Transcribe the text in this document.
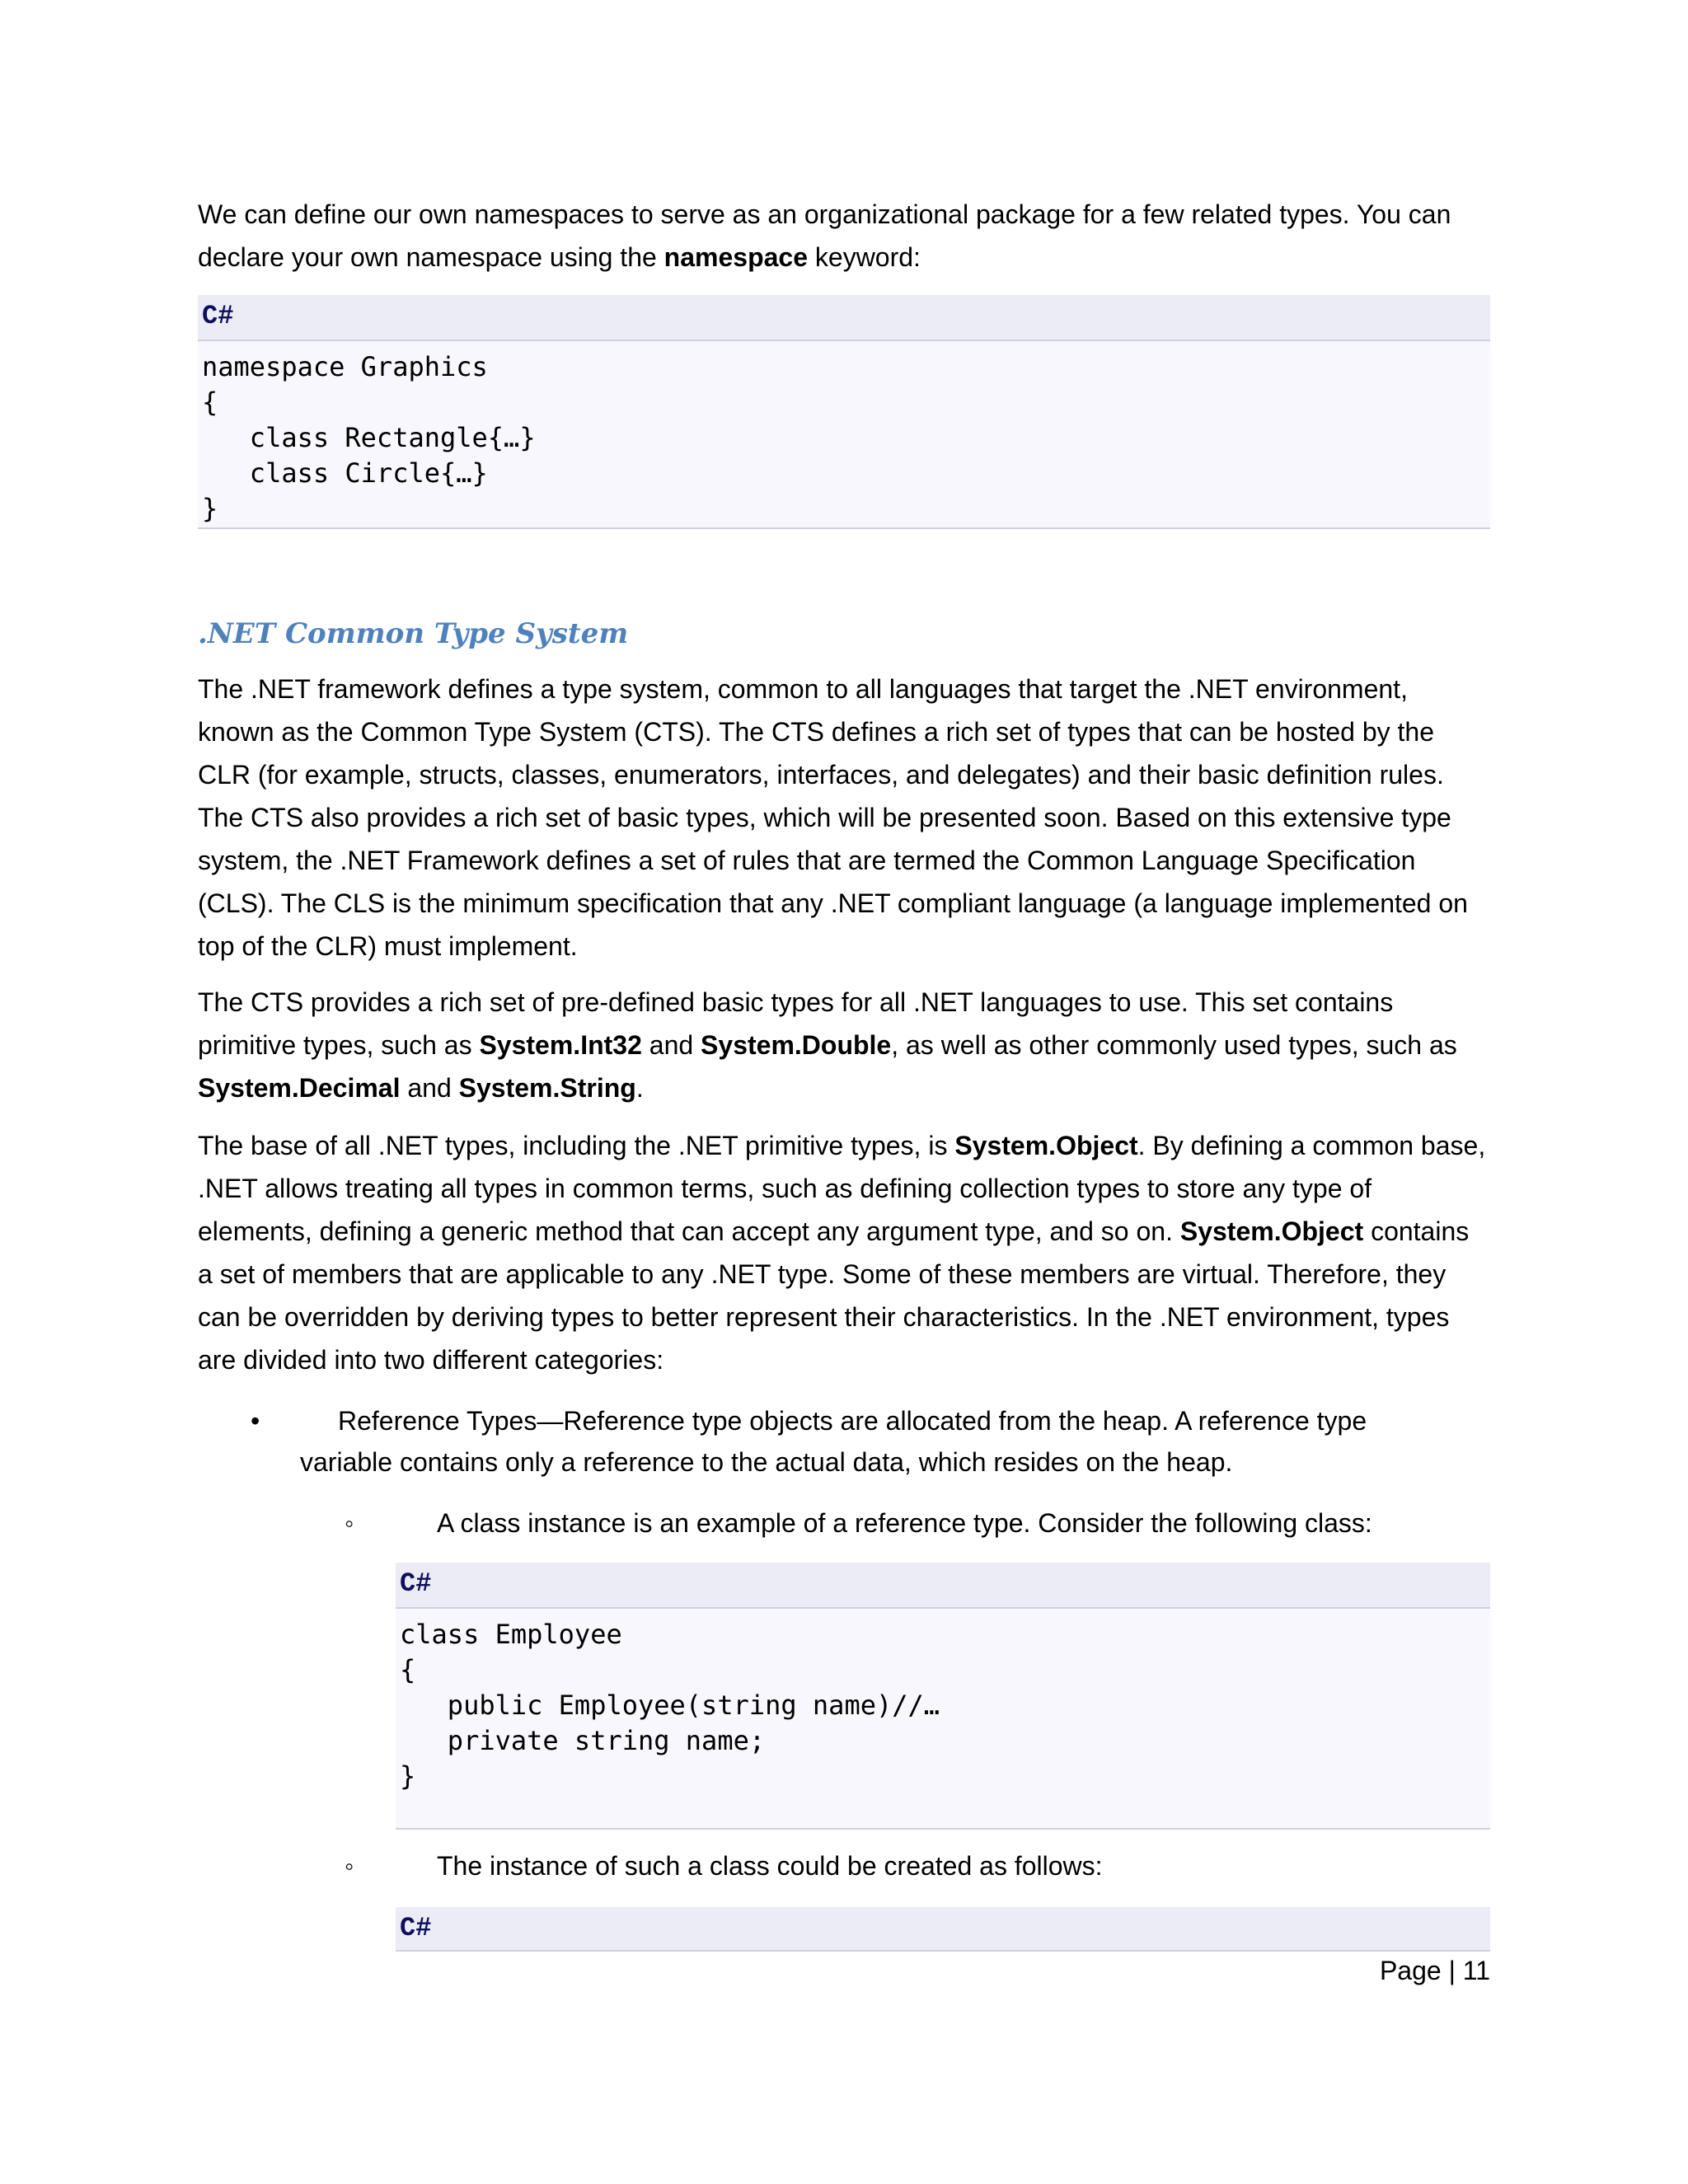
We can define our own namespaces to serve as an organizational package for a few related types. You can declare your own namespace using the namespace keyword:

C#
namespace Graphics
{
class Rectangle{…}
class Circle{…}
}
.NET Common Type System

The .NET framework defines a type system, common to all languages that target the .NET environment, known as the Common Type System (CTS). The CTS defines a rich set of types that can be hosted by the CLR (for example, structs, classes, enumerators, interfaces, and delegates) and their basic definition rules. The CTS also provides a rich set of basic types, which will be presented soon. Based on this extensive type system, the .NET Framework defines a set of rules that are termed the Common Language Specification (CLS). The CLS is the minimum specification that any .NET compliant language (a language implemented on top of the CLR) must implement.

The CTS provides a rich set of pre-defined basic types for all .NET languages to use. This set contains primitive types, such as System.Int32 and System.Double, as well as other commonly used types, such as System.Decimal and System.String.

The base of all .NET types, including the .NET primitive types, is System.Object. By defining a common base, .NET allows treating all types in common terms, such as defining collection types to store any type of elements, defining a generic method that can accept any argument type, and so on. System.Object contains a set of members that are applicable to any .NET type. Some of these members are virtual. Therefore, they can be overridden by deriving types to better represent their characteristics. In the .NET environment, types are divided into two different categories:

•	Reference Types—Reference type objects are allocated from the heap. A reference type
variable contains only a reference to the actual data, which resides on the heap.
◦	A class instance is an example of a reference type. Consider the following class:
C#
class Employee
{
public Employee(string name)//…
private string name;
}
◦	The instance of such a class could be created as follows:
C#
Page | 11
